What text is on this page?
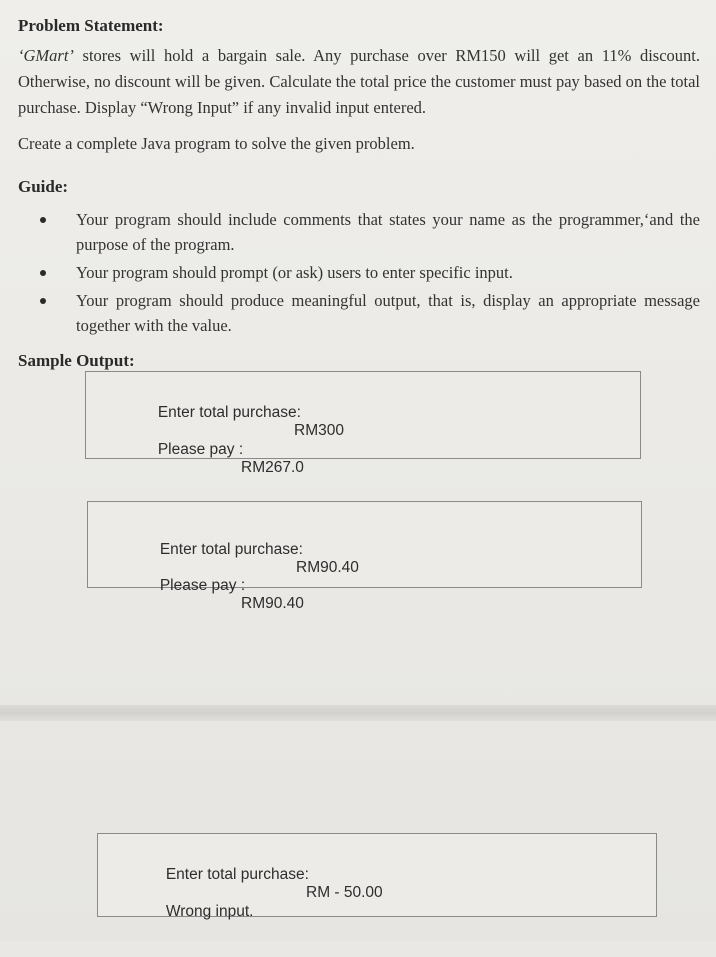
Problem Statement:
‘GMart’ stores will hold a bargain sale. Any purchase over RM150 will get an 11% discount. Otherwise, no discount will be given. Calculate the total price the customer must pay based on the total purchase. Display “Wrong Input” if any invalid input entered.
Create a complete Java program to solve the given problem.
Guide:
Your program should include comments that states your name as the programmer,‘and the purpose of the program.
Your program should prompt (or ask) users to enter specific input.
Your program should produce meaningful output, that is, display an appropriate message together with the value.
Sample Output:

Enter total purchase:

RM300

Please pay :

RM267.0

Enter total purchase:

RM90.40

Please pay :

RM90.40

Enter total purchase:

RM - 50.00

Wrong input.
